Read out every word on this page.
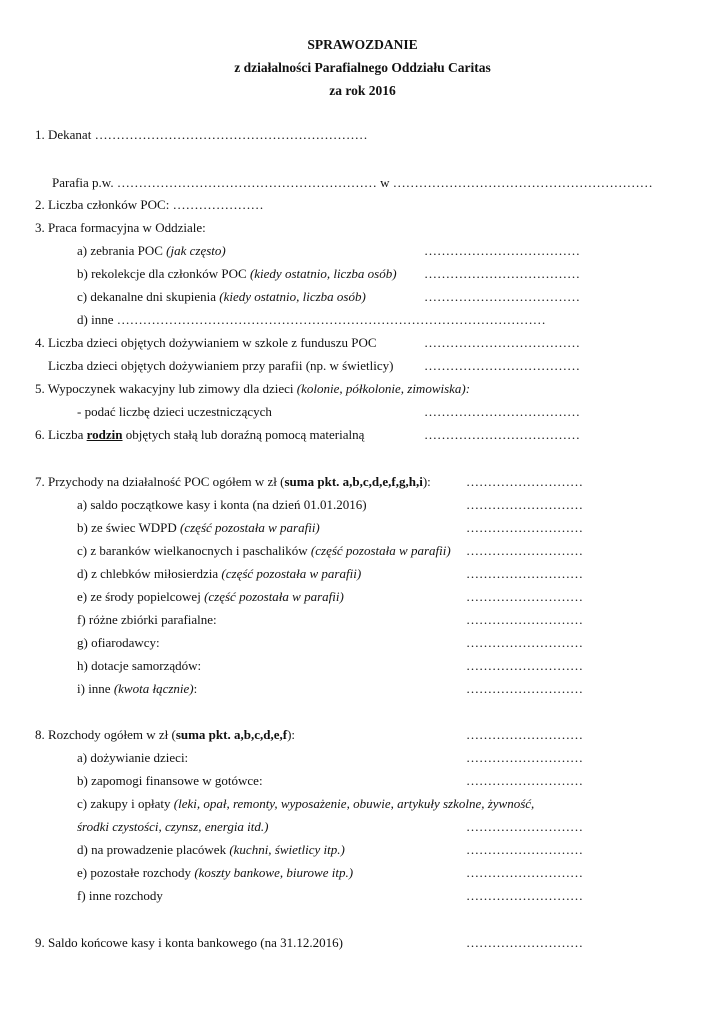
SPRAWOZDANIE
z działalności Parafialnego Oddziału Caritas
za rok 2016
1. Dekanat ………………………………………………………
Parafia p.w. …………………………………………………… w ……………………………………………………
2. Liczba członków POC: …………………
3. Praca formacyjna w Oddziale:
a) zebrania POC (jak często)	………………………………
b) rekolekcje dla członków POC (kiedy ostatnio, liczba osób) ………………………………
c) dekanalne dni skupienia (kiedy ostatnio, liczba osób)	………………………………
d) inne ………………………………………………………………………………………
4. Liczba dzieci objętych dożywianiem w szkole z funduszu POC	………………………………
Liczba dzieci objętych dożywianiem przy parafii (np. w świetlicy) ………………………………
5. Wypoczynek wakacyjny lub zimowy dla dzieci (kolonie, półkolonie, zimowiska):
- podać liczbę dzieci uczestniczących	………………………………
6. Liczba rodzin objętych stałą lub doraźną pomocą materialną	………………………………
7. Przychody na działalność POC ogółem w zł (suma pkt. a,b,c,d,e,f,g,h,i):	………………………
a) saldo początkowe kasy i konta (na dzień 01.01.2016)	………………………
b) ze świec WDPD (część pozostała w parafii)	………………………
c) z baranków wielkanocnych i paschalików (część pozostała w parafii) ………………………
d) z chlebków miłosierdzia (część pozostała w parafii)	………………………
e) ze środy popielcowej (część pozostała w parafii)	………………………
f) różne zbiórki parafialne:	………………………
g) ofiarodawcy:	………………………
h) dotacje samorządów:	………………………
i) inne (kwota łącznie):	………………………
8. Rozchody ogółem w zł (suma pkt. a,b,c,d,e,f):	………………………
a) dożywianie dzieci:	………………………
b) zapomogi finansowe w gotówce:	………………………
c) zakupy i opłaty (leki, opał, remonty, wyposażenie, obuwie, artykuły szkolne, żywność,
środki czystości, czynsz, energia itd.)	………………………
d) na prowadzenie placówek (kuchni, świetlicy itp.)	………………………
e) pozostałe rozchody (koszty bankowe, biurowe itp.)	………………………
f) inne rozchody	………………………
9. Saldo końcowe kasy i konta bankowego (na 31.12.2016)	………………………
